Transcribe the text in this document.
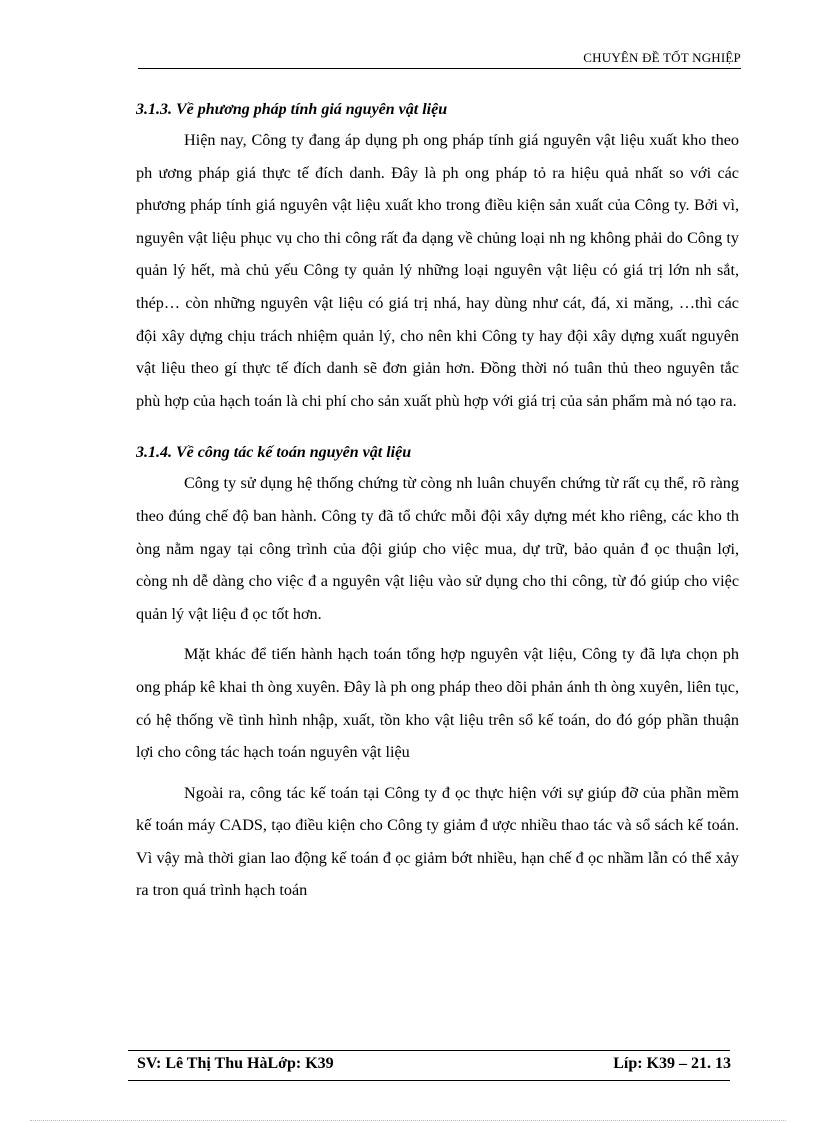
CHUYÊN ĐỀ TỐT NGHIỆP
3.1.3. Về phương pháp tính giá nguyên vật liệu

Hiện nay, Công ty đang áp dụng ph ong pháp tính giá nguyên vật liệu xuất kho theo ph ương pháp giá thực tế đích danh. Đây là ph ong pháp tỏ ra hiệu quả nhất so với các phương pháp tính giá nguyên vật liệu xuất kho trong điều kiện sản xuất của Công ty. Bởi vì, nguyên vật liệu phục vụ cho thi công rất đa dạng về chủng loại nh ng không phải do Công ty quản lý hết, mà chủ yếu Công ty quản lý những loại nguyên vật liệu có giá trị lớn nh sắt, thép… còn những nguyên vật liệu có giá trị nhá, hay dùng như cát, đá, xi măng, …thì các đội xây dựng chịu trách nhiệm quản lý, cho nên khi Công ty hay đội xây dựng xuất nguyên vật liệu theo gí thực tế đích danh sẽ đơn giản hơn. Đồng thời nó tuân thủ theo nguyên tắc phù hợp của hạch toán là chi phí cho sản xuất phù hợp với giá trị của sản phẩm mà nó tạo ra.

3.1.4. Về công tác kế toán nguyên vật liệu

Công ty sử dụng hệ thống chứng từ còng nh luân chuyển chứng từ rất cụ thể, rõ ràng theo đúng chế độ ban hành. Công ty đã tổ chức mỗi đội xây dựng mét kho riêng, các kho th òng nằm ngay tại công trình của đội giúp cho việc mua, dự trữ, bảo quản đ ọc thuận lợi, còng nh dễ dàng cho việc đ a nguyên vật liệu vào sử dụng cho thi công, từ đó giúp cho việc quản lý vật liệu đ ọc tốt hơn.

Mặt khác để tiến hành hạch toán tổng hợp nguyên vật liệu, Công ty đã lựa chọn ph ong pháp kê khai th òng xuyên. Đây là ph ong pháp theo dõi phản ánh th òng xuyên, liên tục, có hệ thống về tình hình nhập, xuất, tồn kho vật liệu trên sổ kế toán, do đó góp phần thuận lợi cho công tác hạch toán nguyên vật liệu

Ngoài ra, công tác kế toán tại Công ty đ ọc thực hiện với sự giúp đỡ của phần mềm kế toán máy CADS, tạo điều kiện cho Công ty giảm đ ược nhiều thao tác và sổ sách kế toán. Vì vậy mà thời gian lao động kế toán đ ọc giảm bớt nhiều, hạn chế đ ọc nhầm lẫn có thể xảy ra tron quá trình hạch toán

SV: Lê Thị Thu HàLớp: K39	Líp: K39 – 21. 13
